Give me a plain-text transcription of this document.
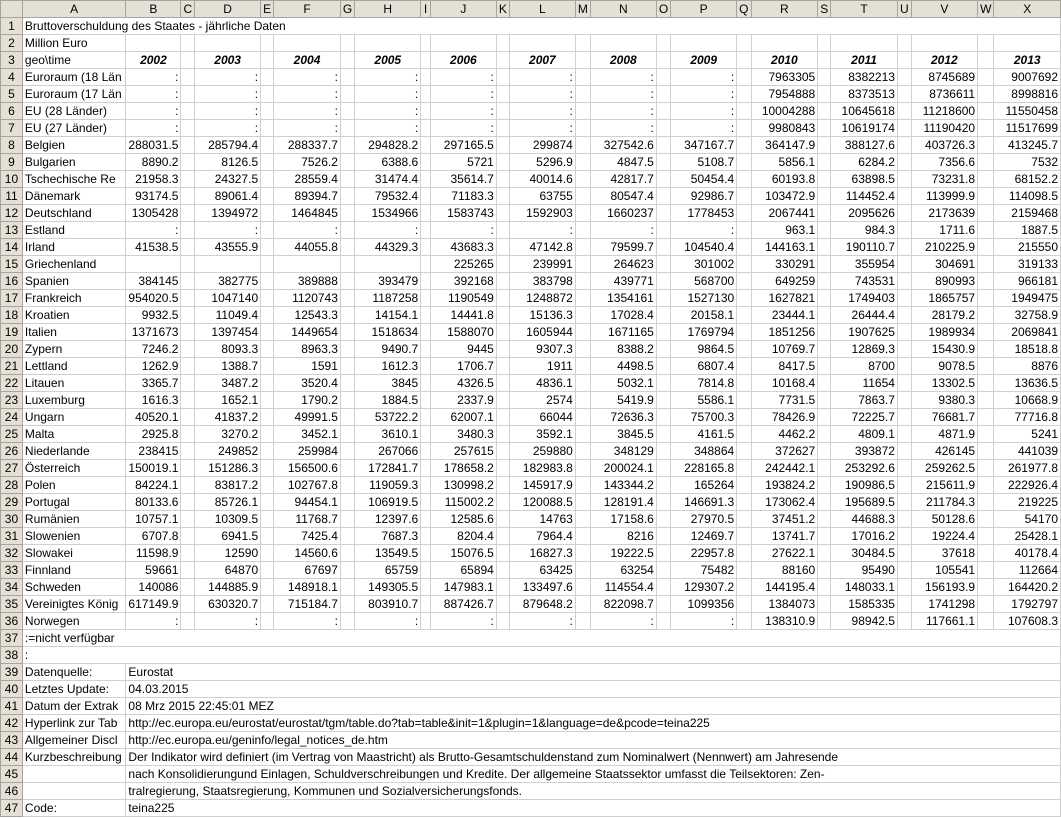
	A	B	C	D	E	F	G	H	I	J	K	L	M	N	O	P	Q	R	S	T	U	V	W	X
1	Bruttoverschuldung des Staates - jährliche Daten																							
2	Million Euro																							
3	geo\time	2002		2003		2004		2005		2006		2007		2008		2009		2010		2011		2012		2013
4	Euroraum (18 Län	:		:		:		:		:		:		:		:		7963305		8382213		8745689		9007692
5	Euroraum (17 Län	:		:		:		:		:		:		:		:		7954888		8373513		8736611		8998816
6	EU (28 Länder)	:		:		:		:		:		:		:		:		10004288		10645618		11218600		11550458
7	EU (27 Länder)	:		:		:		:		:		:		:		:		9980843		10619174		11190420		11517699
8	Belgien	288031.5		285794.4		288337.7		294828.2		297165.5		299874		327542.6		347167.7		364147.9		388127.6		403726.3		413245.7
9	Bulgarien	8890.2		8126.5		7526.2		6388.6		5721		5296.9		4847.5		5108.7		5856.1		6284.2		7356.6		7532
10	Tschechische Re	21958.3		24327.5		28559.4		31474.4		35614.7		40014.6		42817.7		50454.4		60193.8		63898.5		73231.8		68152.2
11	Dänemark	93174.5		89061.4		89394.7		79532.4		71183.3		63755		80547.4		92986.7		103472.9		114452.4		113999.9		114098.5
12	Deutschland	1305428		1394972		1464845		1534966		1583743		1592903		1660237		1778453		2067441		2095626		2173639		2159468
13	Estland	:		:		:		:		:		:		:		:		963.1		984.3		1711.6		1887.5
14	Irland	41538.5		43555.9		44055.8		44329.3		43683.3		47142.8		79599.7		104540.4		144163.1		190110.7		210225.9		215550
15	Griechenland									225265		239991		264623		301002		330291		355954		304691		319133
16	Spanien	384145		382775		389888		393479		392168		383798		439771		568700		649259		743531		890993		966181
17	Frankreich	954020.5		1047140		1120743		1187258		1190549		1248872		1354161		1527130		1627821		1749403		1865757		1949475
18	Kroatien	9932.5		11049.4		12543.3		14154.1		14441.8		15136.3		17028.4		20158.1		23444.1		26444.4		28179.2		32758.9
19	Italien	1371673		1397454		1449654		1518634		1588070		1605944		1671165		1769794		1851256		1907625		1989934		2069841
20	Zypern	7246.2		8093.3		8963.3		9490.7		9445		9307.3		8388.2		9864.5		10769.7		12869.3		15430.9		18518.8
21	Lettland	1262.9		1388.7		1591		1612.3		1706.7		1911		4498.5		6807.4		8417.5		8700		9078.5		8876
22	Litauen	3365.7		3487.2		3520.4		3845		4326.5		4836.1		5032.1		7814.8		10168.4		11654		13302.5		13636.5
23	Luxemburg	1616.3		1652.1		1790.2		1884.5		2337.9		2574		5419.9		5586.1		7731.5		7863.7		9380.3		10668.9
24	Ungarn	40520.1		41837.2		49991.5		53722.2		62007.1		66044		72636.3		75700.3		78426.9		72225.7		76681.7		77716.8
25	Malta	2925.8		3270.2		3452.1		3610.1		3480.3		3592.1		3845.5		4161.5		4462.2		4809.1		4871.9		5241
26	Niederlande	238415		249852		259984		267066		257615		259880		348129		348864		372627		393872		426145		441039
27	Österreich	150019.1		151286.3		156500.6		172841.7		178658.2		182983.8		200024.1		228165.8		242442.1		253292.6		259262.5		261977.8
28	Polen	84224.1		83817.2		102767.8		119059.3		130998.2		145917.9		143344.2		165264		193824.2		190986.5		215611.9		222926.4
29	Portugal	80133.6		85726.1		94454.1		106919.5		115002.2		120088.5		128191.4		146691.3		173062.4		195689.5		211784.3		219225
30	Rumänien	10757.1		10309.5		11768.7		12397.6		12585.6		14763		17158.6		27970.5		37451.2		44688.3		50128.6		54170
31	Slowenien	6707.8		6941.5		7425.4		7687.3		8204.4		7964.4		8216		12469.7		13741.7		17016.2		19224.4		25428.1
32	Slowakei	11598.9		12590		14560.6		13549.5		15076.5		16827.3		19222.5		22957.8		27622.1		30484.5		37618		40178.4
33	Finnland	59661		64870		67697		65759		65894		63425		63254		75482		88160		95490		105541		112664
34	Schweden	140086		144885.9		148918.1		149305.5		147983.1		133497.6		114554.4		129307.2		144195.4		148033.1		156193.9		164420.2
35	Vereinigtes König	617149.9		630320.7		715184.7		803910.7		887426.7		879648.2		822098.7		1099356		1384073		1585335		1741298		1792797
36	Norwegen	:		:		:		:		:		:		:		:		138310.9		98942.5		117661.1		107608.3
37	:=nicht verfügbar																							
38	:																							
39	Datenquelle:	Eurostat																						
40	Letztes Update:	04.03.2015																						
41	Datum der Extrak	08 Mrz 2015 22:45:01 MEZ																						
42	Hyperlink zur Tab	http://ec.europa.eu/eurostat/eurostat/tgm/table.do?tab=table&init=1&plugin=1&language=de&pcode=teina225																						
43	Allgemeiner Discl	http://ec.europa.eu/geninfo/legal_notices_de.htm																						
44	Kurzbeschreibung	Der Indikator wird definiert (im Vertrag von Maastricht) als Brutto-Gesamtschuldenstand zum Nominalwert (Nennwert) am Jahresende																						
45		nach Konsolidierungund Einlagen, Schuldverschreibungen und Kredite. Der allgemeine Staatssektor umfasst die Teilsektoren: Zen-																						
46		tralregierung, Staatsregierung, Kommunen und Sozialversicherungsfonds.																						
47	Code:	teina225																						
